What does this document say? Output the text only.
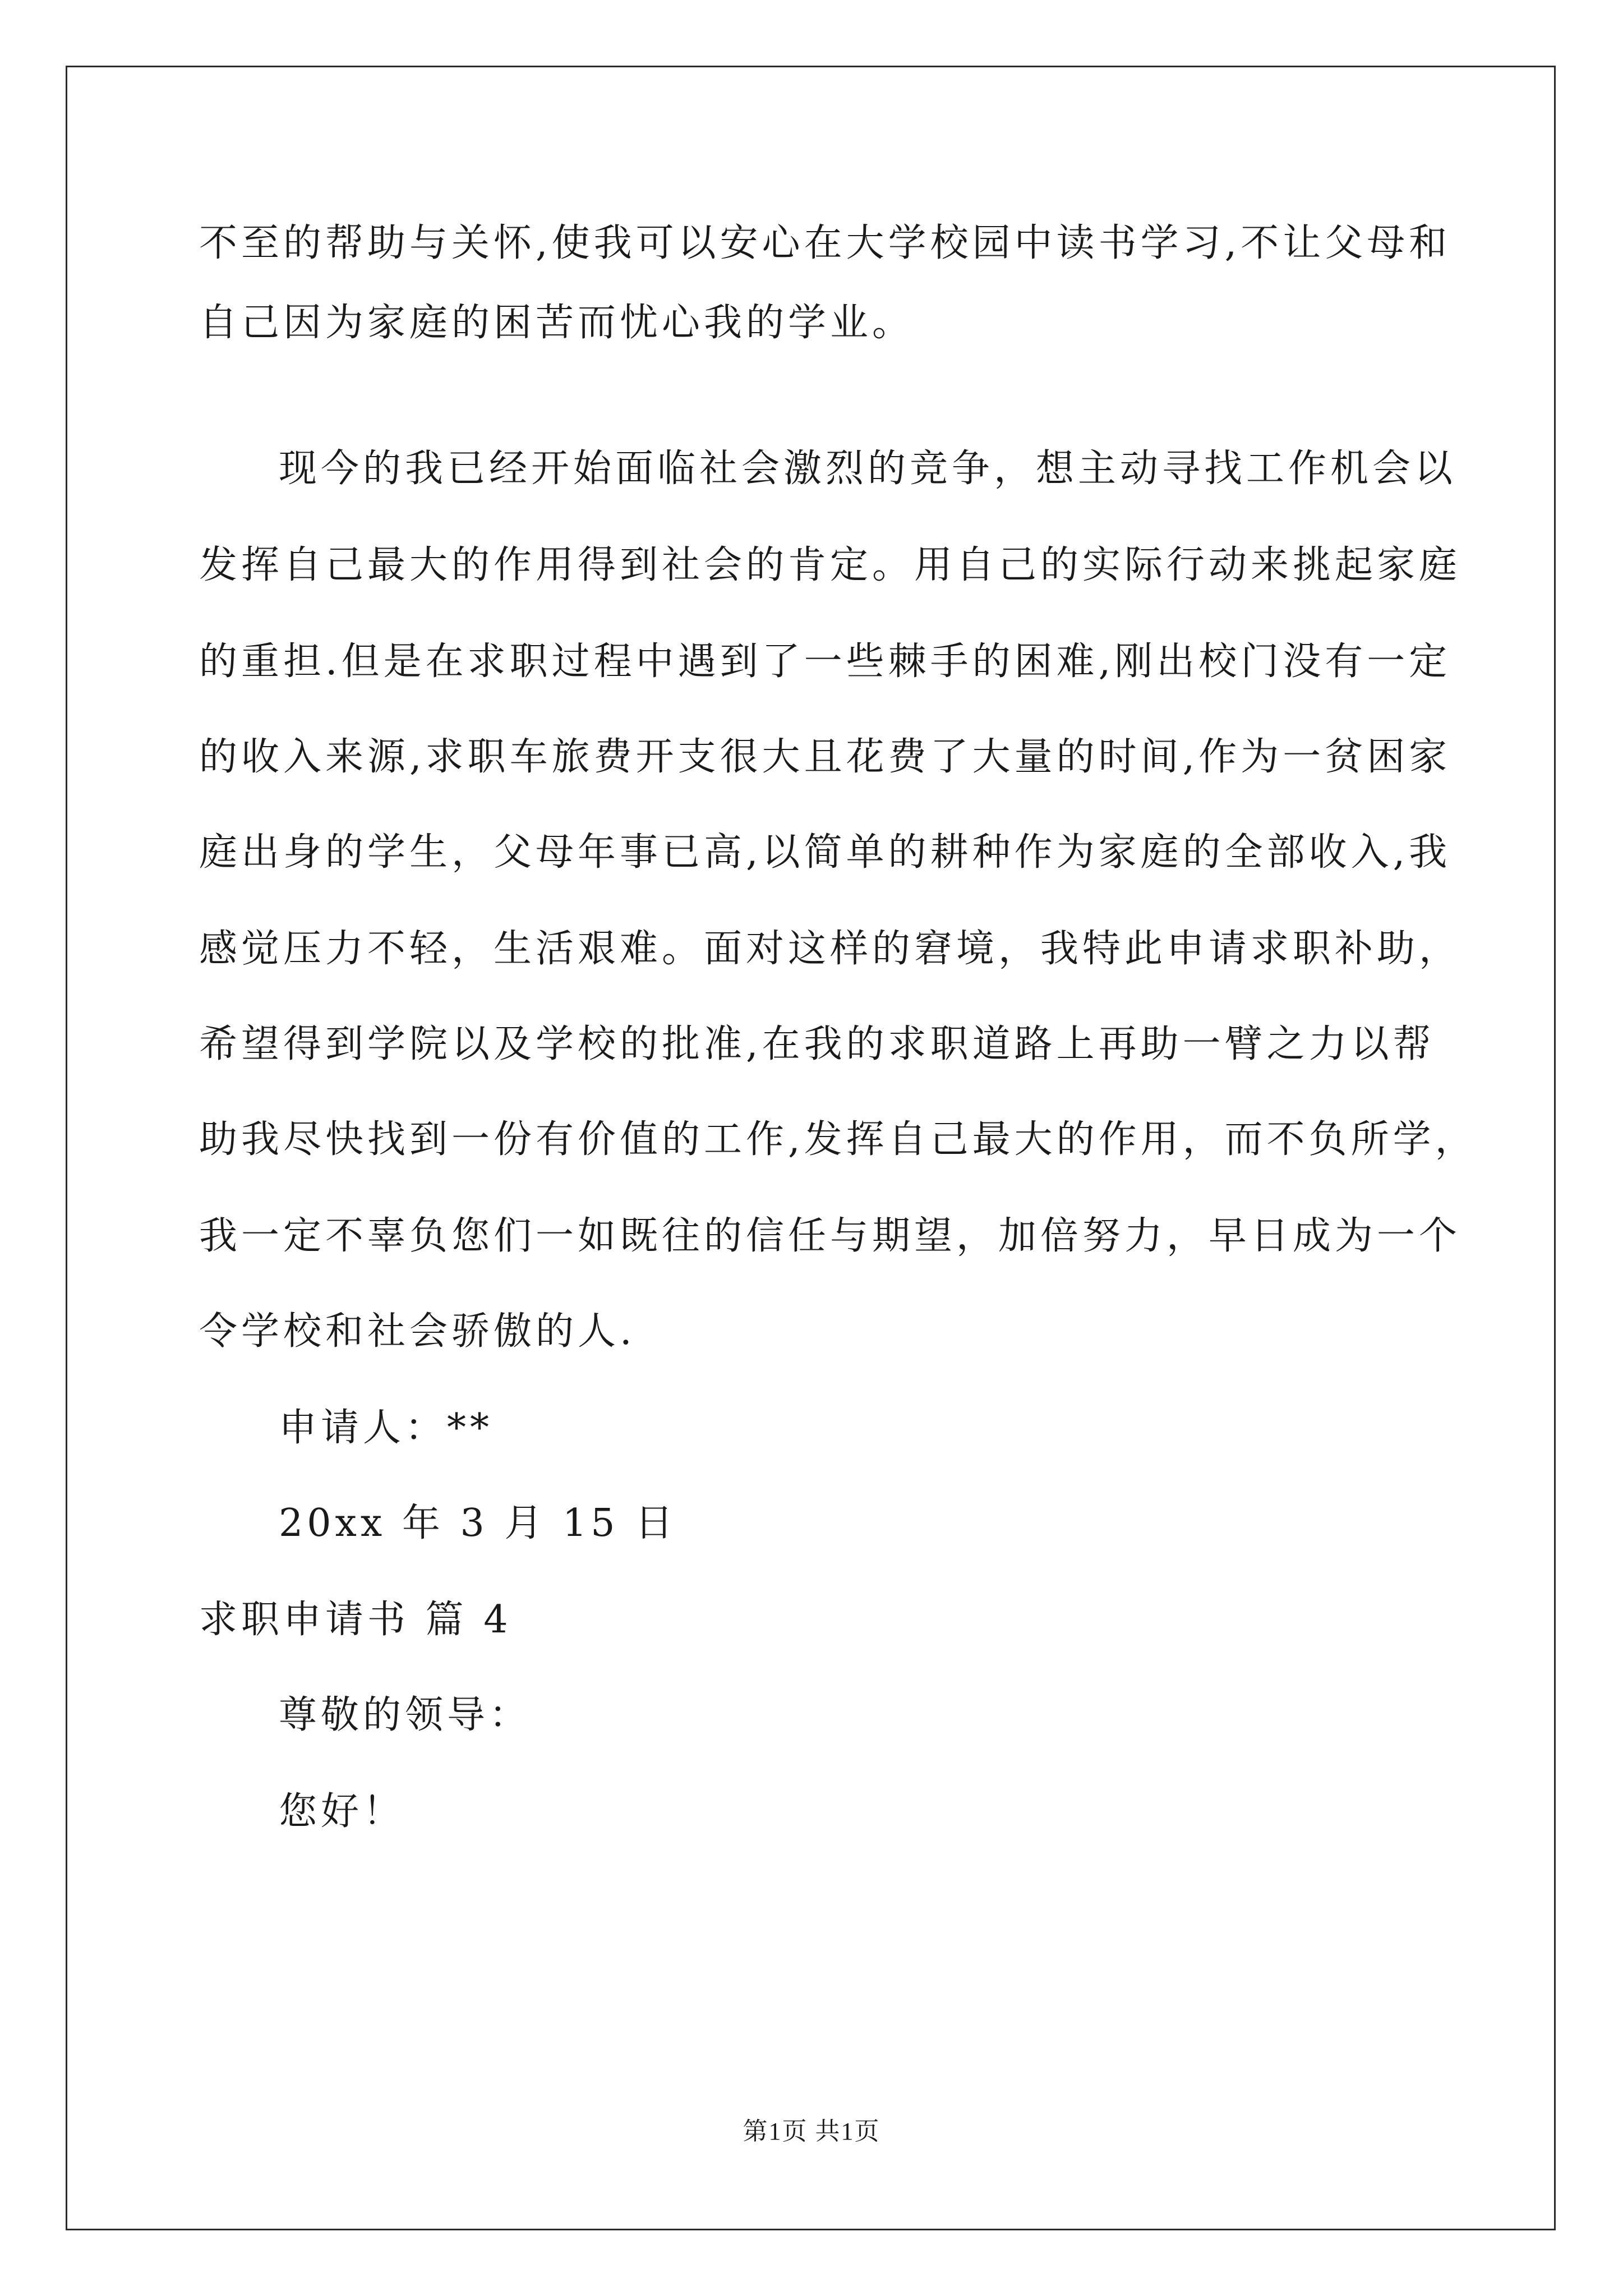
不至的帮助与关怀,使我可以安心在大学校园中读书学习,不让父母和
自己因为家庭的困苦而忧心我的学业。
现今的我已经开始面临社会激烈的竞争，想主动寻找工作机会以
发挥自己最大的作用得到社会的肯定。用自己的实际行动来挑起家庭
的重担.但是在求职过程中遇到了一些棘手的困难,刚出校门没有一定
的收入来源,求职车旅费开支很大且花费了大量的时间,作为一贫困家
庭出身的学生，父母年事已高,以简单的耕种作为家庭的全部收入,我
感觉压力不轻，生活艰难。面对这样的窘境，我特此申请求职补助，
希望得到学院以及学校的批准,在我的求职道路上再助一臂之力以帮
助我尽快找到一份有价值的工作,发挥自己最大的作用，而不负所学，
我一定不辜负您们一如既往的信任与期望，加倍努力，早日成为一个
令学校和社会骄傲的人.
申请人：**
20xx 年 3 月 15 日
求职申请书 篇 4
尊敬的领导：
您好！
第1页 共1页
